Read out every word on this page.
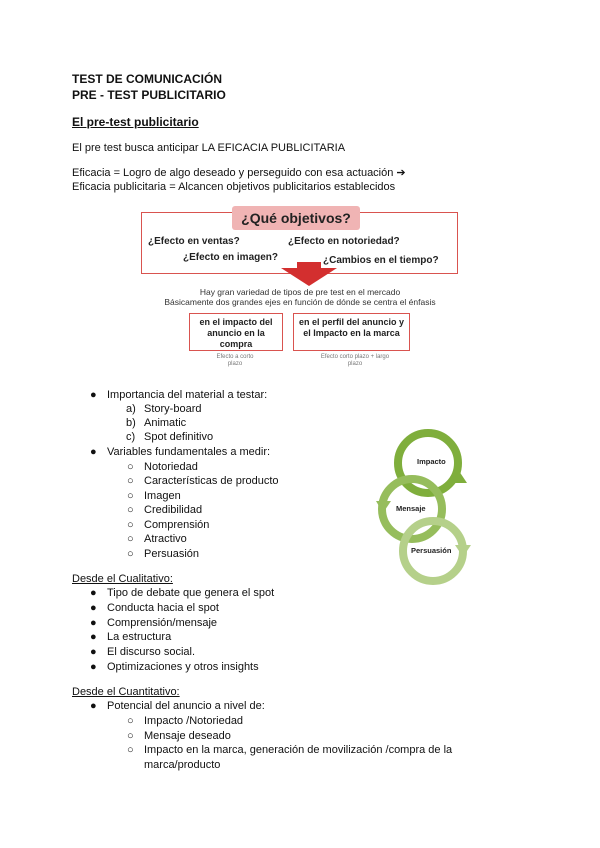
TEST DE COMUNICACIÓN
PRE - TEST PUBLICITARIO
El pre-test publicitario
El pre test busca anticipar LA EFICACIA PUBLICITARIA
Eficacia = Logro de algo deseado y perseguido con esa actuación ➔
Eficacia publicitaria = Alcancen objetivos publicitarios establecidos
¿Qué objetivos?
¿Efecto en ventas?	¿Efecto en notoriedad?
¿Efecto en imagen?	¿Cambios en el tiempo?
Hay gran variedad de tipos de pre test en el mercado
Básicamente dos grandes ejes en función de dónde se centra el énfasis
en el impacto del anuncio en la compra
en el perfil del anuncio y el Impacto en la marca
Efecto a corto plazo
Efecto corto plazo + largo plazo
Impacto
Mensaje
Persuasión
● Importancia del material a testar:
a) Story-board
b) Animatic
c) Spot definitivo
● Variables fundamentales a medir:
○ Notoriedad
○ Características de producto
○ Imagen
○ Credibilidad
○ Comprensión
○ Atractivo
○ Persuasión
Desde el Cualitativo:
● Tipo de debate que genera el spot
● Conducta hacia el spot
● Comprensión/mensaje
● La estructura
● El discurso social.
● Optimizaciones y otros insights
Desde el Cuantitativo:
● Potencial del anuncio a nivel de:
○ Impacto /Notoriedad
○ Mensaje deseado
○ Impacto en la marca, generación de movilización /compra de la
marca/producto
